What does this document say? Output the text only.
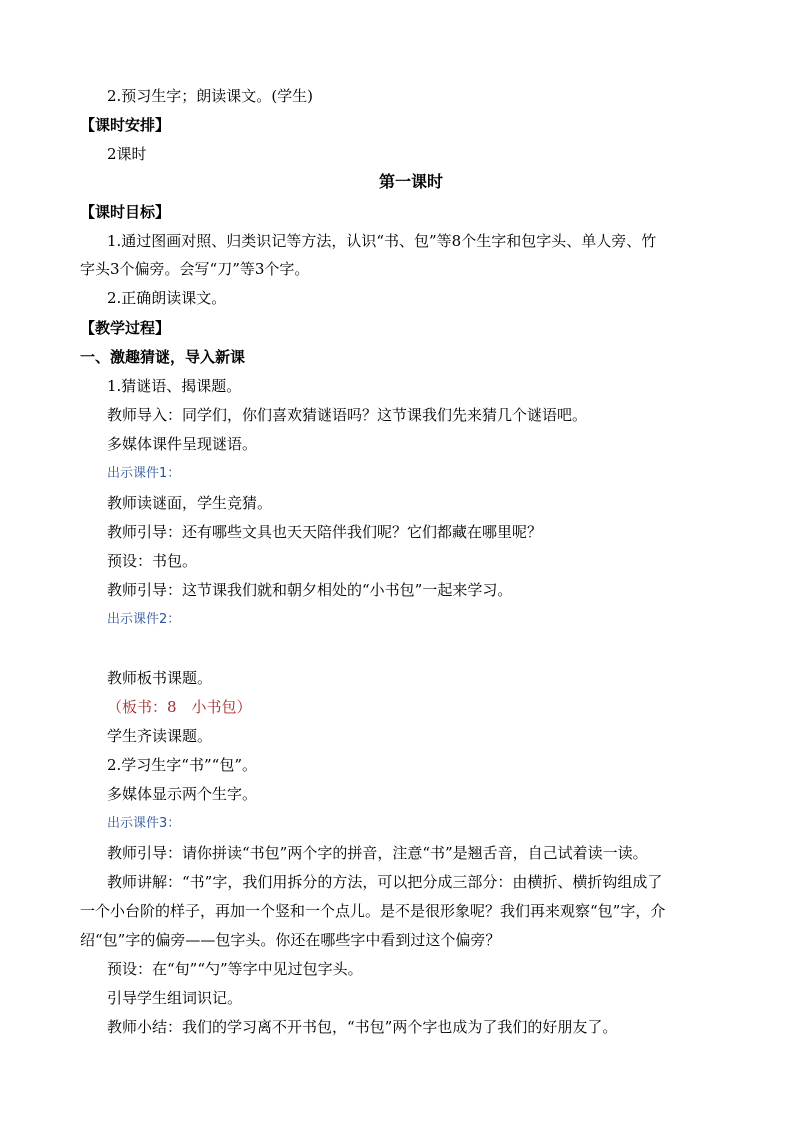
2.预习生字；朗读课文。(学生)
【课时安排】
2课时
第一课时
【课时目标】
1.通过图画对照、归类识记等方法，认识“书、包”等8个生字和包字头、单人旁、竹
字头3个偏旁。会写“刀”等3个字。
2.正确朗读课文。
【教学过程】
一、激趣猜谜，导入新课
1.猜谜语、揭课题。
教师导入：同学们，你们喜欢猜谜语吗？这节课我们先来猜几个谜语吧。
多媒体课件呈现谜语。
出示课件1：
教师读谜面，学生竞猜。
教师引导：还有哪些文具也天天陪伴我们呢？它们都藏在哪里呢？
预设：书包。
教师引导：这节课我们就和朝夕相处的“小书包”一起来学习。
出示课件2：
教师板书课题。
（板书：8　小书包）
学生齐读课题。
2.学习生字“书”“包”。
多媒体显示两个生字。
出示课件3：
教师引导：请你拼读“书包”两个字的拼音，注意“书”是翘舌音，自己试着读一读。
教师讲解：“书”字，我们用拆分的方法，可以把分成三部分：由横折、横折钩组成了
一个小台阶的样子，再加一个竖和一个点儿。是不是很形象呢？我们再来观察“包”字，介
绍“包”字的偏旁——包字头。你还在哪些字中看到过这个偏旁？
预设：在“旬”“勺”等字中见过包字头。
引导学生组词识记。
教师小结：我们的学习离不开书包，“书包”两个字也成为了我们的好朋友了。
